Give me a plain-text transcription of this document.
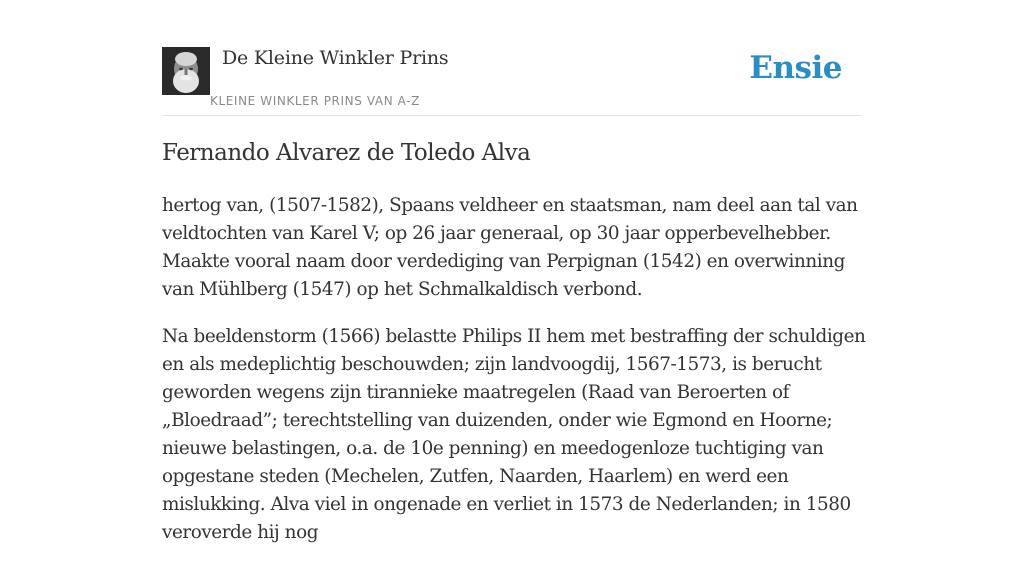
De Kleine Winkler Prins
KLEINE WINKLER PRINS VAN A-Z
Ensie
Fernando Alvarez de Toledo Alva

hertog van, (1507-1582), Spaans veldheer en staatsman, nam deel aan tal van veldtochten van Karel V; op 26 jaar generaal, op 30 jaar opperbevelhebber. Maakte vooral naam door verdediging van Perpignan (1542) en overwinning van Mühlberg (1547) op het Schmalkaldisch verbond.

Na beeldenstorm (1566) belastte Philips II hem met bestraffing der schuldigen en als medeplichtig beschouwden; zijn landvoogdij, 1567-1573, is berucht geworden wegens zijn tirannieke maatregelen (Raad van Beroerten of „Bloedraad”; terechtstelling van duizenden, onder wie Egmond en Hoorne; nieuwe belastingen, o.a. de 10e penning) en meedogenloze tuchtiging van opgestane steden (Mechelen, Zutfen, Naarden, Haarlem) en werd een mislukking. Alva viel in ongenade en verliet in 1573 de Nederlanden; in 1580 veroverde hij nog
